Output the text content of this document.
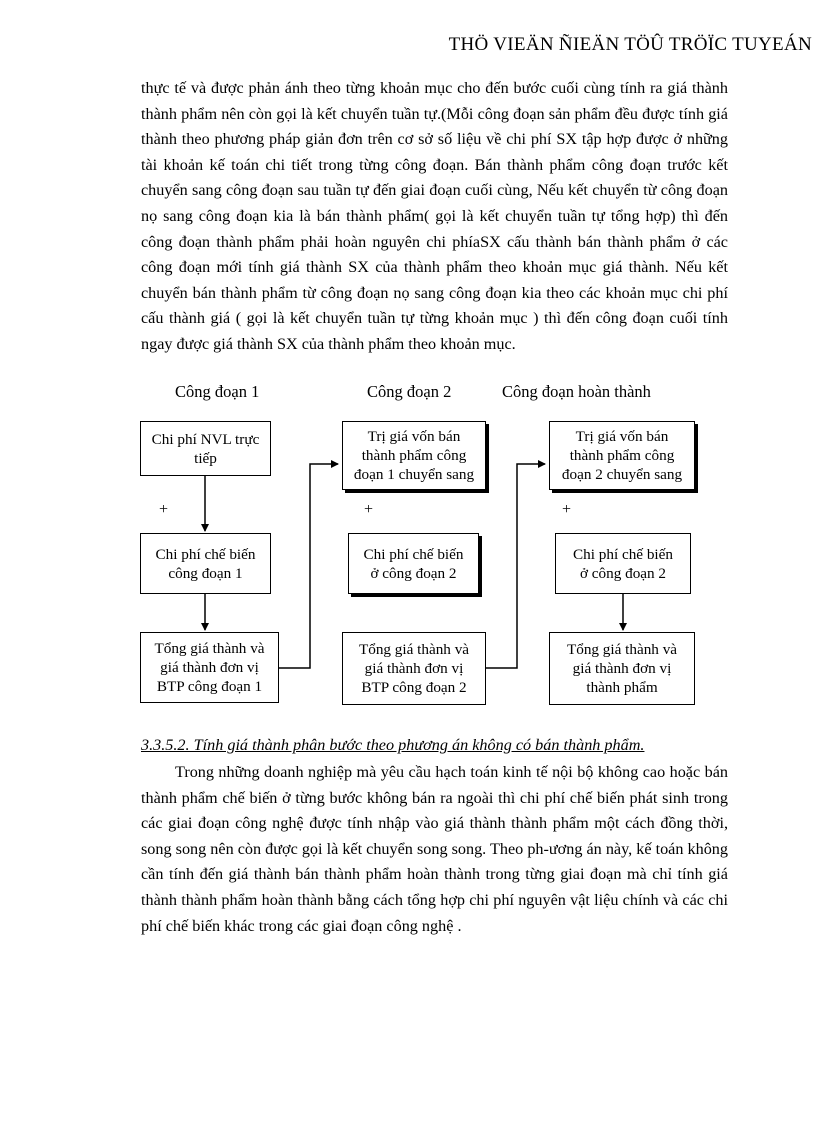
THÖ VIEÄN ÑIEÄN TÖÛ TRÖÏC TUYEÁN

thực tế và được phản ánh theo từng khoản mục cho đến bước cuối cùng tính ra giá thành thành phẩm nên còn gọi là kết chuyển tuần tự.(Mỗi công đoạn sản phẩm đều được tính giá thành theo phương pháp giản đơn trên cơ sở số liệu về chi phí SX tập hợp được ở những tài khoản kế toán chi tiết trong từng công đoạn. Bán thành phẩm công đoạn trước kết chuyển sang công đoạn sau tuần tự đến giai đoạn cuối cùng, Nếu kết chuyển từ công đoạn nọ sang công đoạn kia là bán thành phẩm( gọi là kết chuyển tuần tự tổng hợp) thì đến công đoạn thành phẩm phải hoàn nguyên chi phíaSX cấu thành bán thành phẩm ở các công đoạn mới tính giá thành SX của thành phẩm theo khoản mục giá thành. Nếu kết chuyển bán thành phẩm từ công đoạn nọ sang công đoạn kia theo các khoản mục chi phí cấu thành giá ( gọi là kết chuyển tuần tự từng khoản mục ) thì đến công đoạn cuối tính ngay được giá thành SX của thành phẩm theo khoản mục.

Công đoạn 1	Công đoạn 2	Công đoạn hoàn thành
Chi phí NVL trực
tiếp
Chi phí chế biến
công đoạn 1
Tổng giá thành và
giá thành đơn vị
BTP công đoạn 1
Trị giá vốn bán
thành phẩm công
đoạn 1 chuyển sang
Chi phí chế biến
ở công đoạn 2
Tổng giá thành và
giá thành đơn vị
BTP công đoạn 2
Trị giá vốn bán
thành phẩm công
đoạn 2 chuyển sang
Chi phí chế biến
ở công đoạn 2
Tổng giá thành và
giá thành đơn vị
thành phẩm
+	+	+
3.3.5.2. Tính giá thành phân bước theo phương án không có bán thành phẩm.

Trong những doanh nghiệp mà yêu cầu hạch toán kinh tế nội bộ không cao hoặc bán thành phẩm chế biến ở từng bước không bán ra ngoài thì chi phí chế biến phát sinh trong các giai đoạn công nghệ được tính nhập vào giá thành thành phẩm một cách đồng thời, song song nên còn được gọi là kết chuyển song song. Theo ph-ương án này, kế toán không cần tính đến giá thành bán thành phẩm hoàn thành trong từng giai đoạn mà chỉ tính giá thành thành phẩm hoàn thành bằng cách tổng hợp chi phí nguyên vật liệu chính và các chi phí chế biến khác trong các giai đoạn công nghệ .
